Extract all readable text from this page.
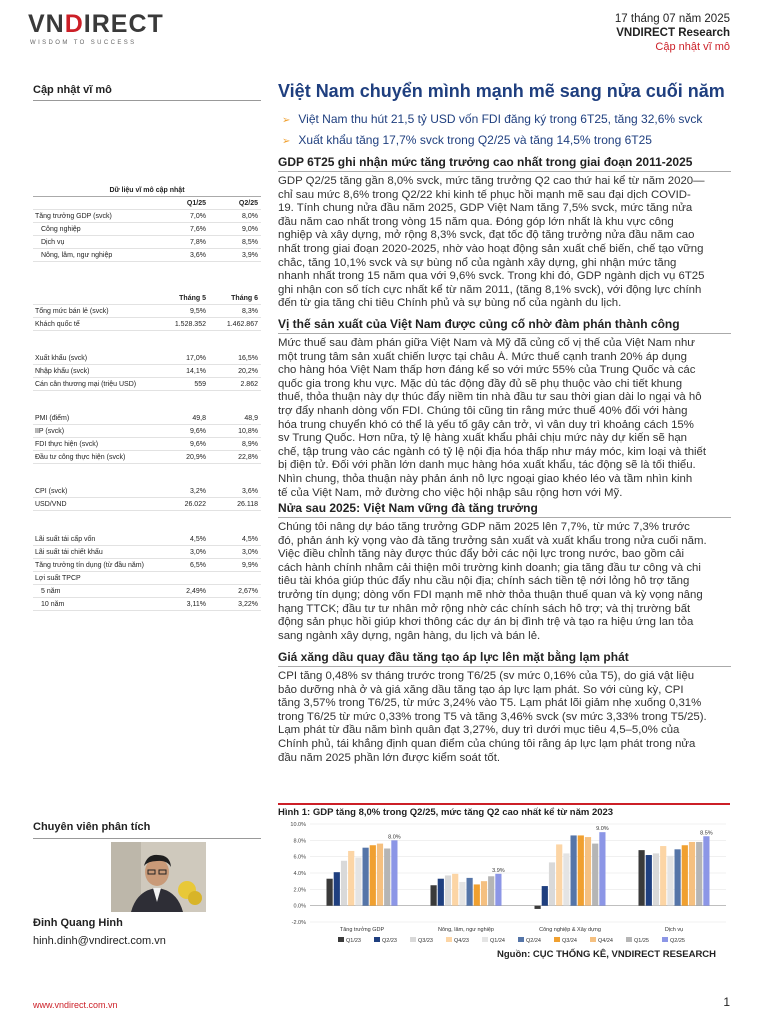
VNDIRECT
WISDOM TO SUCCESS
17 tháng 07 năm 2025
VNDIRECT Research
Cập nhật vĩ mô
Cập nhật vĩ mô
Dữ liệu vĩ mô cập nhật
Q1/25	Q2/25
Tăng trưởng GDP (svck)	7,0%	8,0%
Công nghiệp	7,6%	9,0%
Dịch vụ	7,8%	8,5%
Nông, lâm, ngư nghiệp	3,6%	3,9%
Tháng 5	Tháng 6
Tổng mức bán lẻ (svck)	9,5%	8,3%
Khách quốc tế	1.528.352	1.462.867
Xuất khẩu (svck)	17,0%	16,5%
Nhập khẩu (svck)	14,1%	20,2%
Cán cân thương mại (triệu USD)	559	2.862
PMI (điểm)	49,8	48,9
IIP (svck)	9,6%	10,8%
FDI thực hiện (svck)	9,6%	8,9%
Đầu tư công thực hiện (svck)	20,9%	22,8%
CPI (svck)	3,2%	3,6%
USD/VND	26.022	26.118
Lãi suất tái cấp vốn	4,5%	4,5%
Lãi suất tái chiết khấu	3,0%	3,0%
Tăng trưởng tín dụng (từ đầu năm)	6,5%	9,9%
Lợi suất TPCP
5 năm	2,49%	2,67%
10 năm	3,11%	3,22%
Việt Nam chuyển mình mạnh mẽ sang nửa cuối năm
➢ Việt Nam thu hút 21,5 tỷ USD vốn FDI đăng ký trong 6T25, tăng 32,6% svck
➢ Xuất khẩu tăng 17,7% svck trong Q2/25 và tăng 14,5% trong 6T25
GDP 6T25 ghi nhận mức tăng trưởng cao nhất trong giai đoạn 2011-2025
GDP Q2/25 tăng gần 8,0% svck, mức tăng trưởng Q2 cao thứ hai kể từ năm 2020—
chỉ sau mức 8,6% trong Q2/22 khi kinh tế phục hồi mạnh mẽ sau đại dịch COVID-
19. Tính chung nửa đầu năm 2025, GDP Việt Nam tăng 7,5% svck, mức tăng nửa
đầu năm cao nhất trong vòng 15 năm qua. Đóng góp lớn nhất là khu vực công
nghiệp và xây dựng, mở rộng 8,3% svck, đạt tốc độ tăng trưởng nửa đầu năm cao
nhất trong giai đoạn 2020-2025, nhờ vào hoạt động sản xuất chế biến, chế tạo vững
chắc, tăng 10,1% svck và sự bùng nổ của ngành xây dựng, ghi nhận mức tăng
nhanh nhất trong 15 năm qua với 9,6% svck. Trong khi đó, GDP ngành dịch vụ 6T25
ghi nhận con số tích cực nhất kể từ năm 2011, (tăng 8,1% svck), với động lực chính
đến từ gia tăng chi tiêu Chính phủ và sự bùng nổ của ngành du lịch.
Vị thế sản xuất của Việt Nam được củng cố nhờ đàm phán thành công
Mức thuế sau đàm phán giữa Việt Nam và Mỹ đã củng cố vị thế của Việt Nam như
một trung tâm sản xuất chiến lược tại châu Á. Mức thuế cạnh tranh 20% áp dụng
cho hàng hóa Việt Nam thấp hơn đáng kể so với mức 55% của Trung Quốc và các
quốc gia trong khu vực. Mặc dù tác động đầy đủ sẽ phụ thuộc vào chi tiết khung
thuế, thỏa thuận này dự thúc đẩy niềm tin nhà đầu tư sau thời gian dài lo ngại và hỗ
trợ đẩy nhanh dòng vốn FDI. Chúng tôi cũng tin rằng mức thuế 40% đối với hàng
hóa trung chuyển khó có thể là yếu tố gây cản trở, vì vẫn duy trì khoảng cách 15%
sv Trung Quốc. Hơn nữa, tỷ lệ hàng xuất khẩu phải chịu mức này dự kiến sẽ hạn
chế, tập trung vào các ngành có tỷ lệ nội địa hóa thấp như máy móc, kim loại và thiết
bị điện tử. Đối với phần lớn danh mục hàng hóa xuất khẩu, tác động sẽ là tối thiểu.
Nhìn chung, thỏa thuận này phản ánh nỗ lực ngoại giao khéo léo và tầm nhìn kinh
tế của Việt Nam, mở đường cho việc hội nhập sâu rộng hơn với Mỹ.
Nửa sau 2025: Việt Nam vững đà tăng trưởng
Chúng tôi nâng dự báo tăng trưởng GDP năm 2025 lên 7,7%, từ mức 7,3% trước
đó, phản ánh kỳ vọng vào đà tăng trưởng sản xuất và xuất khẩu trong nửa cuối năm.
Việc điều chỉnh tăng này được thúc đẩy bởi các nội lực trong nước, bao gồm cải
cách hành chính nhằm cải thiện môi trường kinh doanh; gia tăng đầu tư công và chi
tiêu tài khóa giúp thúc đẩy nhu cầu nội địa; chính sách tiền tệ nới lỏng hỗ trợ tăng
trưởng tín dụng; dòng vốn FDI mạnh mẽ nhờ thỏa thuận thuế quan và kỳ vọng nâng
hạng TTCK; đầu tư tư nhân mở rộng nhờ các chính sách hỗ trợ; và thị trường bất
động sản phục hồi giúp khơi thông các dự án bị đình trệ và tạo ra hiệu ứng lan tỏa
sang ngành xây dựng, ngân hàng, du lịch và bán lẻ.
Giá xăng dầu quay đầu tăng tạo áp lực lên mặt bằng lạm phát
CPI tăng 0,48% sv tháng trước trong T6/25 (sv mức 0,16% của T5), do giá vật liệu
bảo dưỡng nhà ở và giá xăng dầu tăng tạo áp lực lạm phát. So với cùng kỳ, CPI
tăng 3,57% trong T6/25, từ mức 3,24% vào T5. Lạm phát lõi giảm nhẹ xuống 0,31%
trong T6/25 từ mức 0,33% trong T5 và tăng 3,46% svck (sv mức 3,33% trong T5/25).
Lạm phát từ đầu năm bình quân đạt 3,27%, duy trì dưới mục tiêu 4,5–5,0% của
Chính phủ, tái khẳng định quan điểm của chúng tôi rằng áp lực lạm phát trong nửa
đầu năm 2025 phần lớn được kiểm soát tốt.
Hình 1: GDP tăng 8,0% trong Q2/25, mức tăng Q2 cao nhất kể từ năm 2023
10.0%
8.0%
6.0%
4.0%
2.0%
0.0%
-2.0%
8.0%
Tăng trưởng GDP
3.9%
Nông, lâm, ngư nghiệp
9.0%
Công nghiệp & Xây dựng
8.5%
Dịch vụ
Q1/23	Q2/23	Q3/23	Q4/23	Q1/24	Q2/24	Q3/24	Q4/24	Q1/25	Q2/25
Nguồn: CỤC THỐNG KÊ, VNDIRECT RESEARCH
Chuyên viên phân tích
Đinh Quang Hinh
hinh.dinh@vndirect.com.vn
www.vndirect.com.vn	1
